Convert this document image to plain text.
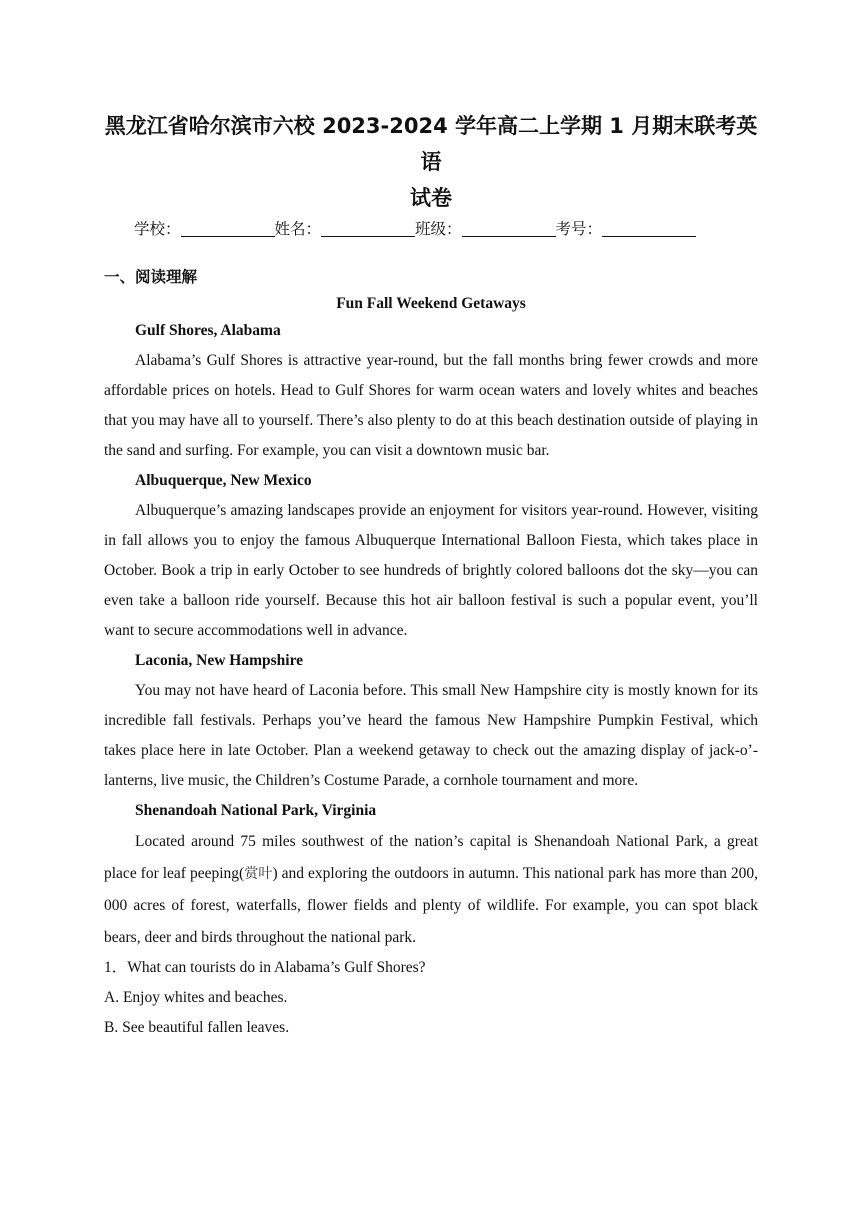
黑龙江省哈尔滨市六校 2023-2024 学年高二上学期 1 月期末联考英语
试卷
学校：	姓名：	班级：	考号：
一、阅读理解
Fun Fall Weekend Getaways
Gulf Shores, Alabama

Alabama’s Gulf Shores is attractive year-round, but the fall months bring fewer crowds and more affordable prices on hotels. Head to Gulf Shores for warm ocean waters and lovely whites and beaches that you may have all to yourself. There’s also plenty to do at this beach destination outside of playing in the sand and surfing. For example, you can visit a downtown music bar.

Albuquerque, New Mexico

Albuquerque’s amazing landscapes provide an enjoyment for visitors year-round. However, visiting in fall allows you to enjoy the famous Albuquerque International Balloon Fiesta, which takes place in October. Book a trip in early October to see hundreds of brightly colored balloons dot the sky—you can even take a balloon ride yourself. Because this hot air balloon festival is such a popular event, you’ll want to secure accommodations well in advance.

Laconia, New Hampshire

You may not have heard of Laconia before. This small New Hampshire city is mostly known for its incredible fall festivals. Perhaps you’ve heard the famous New Hampshire Pumpkin Festival, which takes place here in late October. Plan a weekend getaway to check out the amazing display of jack-o’-lanterns, live music, the Children’s Costume Parade, a cornhole tournament and more.

Shenandoah National Park, Virginia

Located around 75 miles southwest of the nation’s capital is Shenandoah National Park, a great place for leaf peeping(赏叶) and exploring the outdoors in autumn. This national park has more than 200, 000 acres of forest, waterfalls, flower fields and plenty of wildlife. For example, you can spot black bears, deer and birds throughout the national park.

1．What can tourists do in Alabama’s Gulf Shores?
A. Enjoy whites and beaches.
B. See beautiful fallen leaves.
